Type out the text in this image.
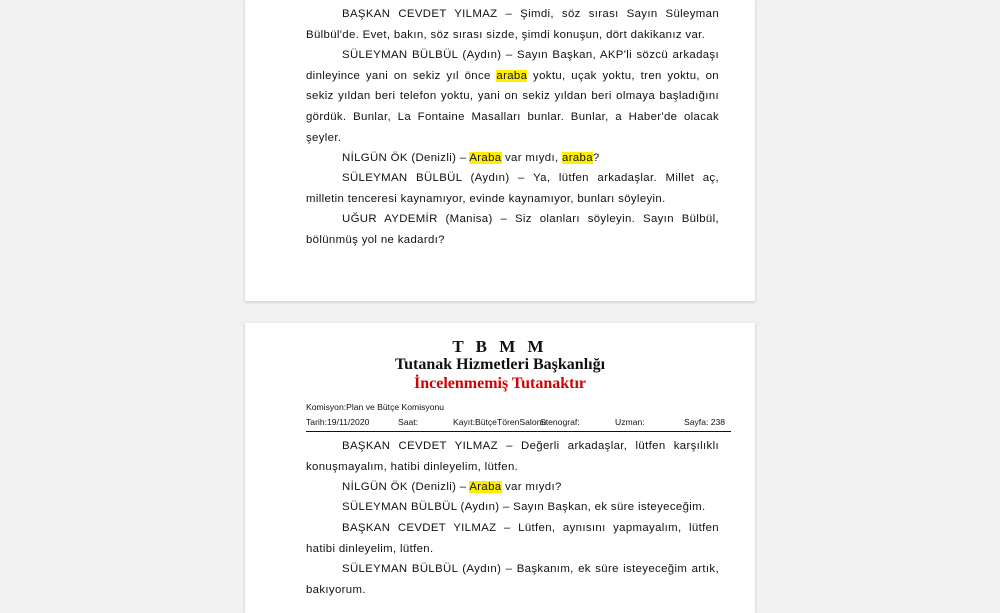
BAŞKAN CEVDET YILMAZ – Şimdi, söz sırası Sayın Süleyman Bülbül'de. Evet, bakın, söz sırası sizde, şimdi konuşun, dört dakikanız var.

SÜLEYMAN BÜLBÜL (Aydın) – Sayın Başkan, AKP'li sözcü arkadaşı dinleyince yani on sekiz yıl önce araba yoktu, uçak yoktu, tren yoktu, on sekiz yıldan beri telefon yoktu, yani on sekiz yıldan beri olmaya başladığını gördük. Bunlar, La Fontaine Masalları bunlar. Bunlar, a Haber'de olacak şeyler.

NİLGÜN ÖK (Denizli) – Araba var mıydı, araba?

SÜLEYMAN BÜLBÜL (Aydın) – Ya, lütfen arkadaşlar. Millet aç, milletin tenceresi kaynamıyor, evinde kaynamıyor, bunları söyleyin.

UĞUR AYDEMİR (Manisa) – Siz olanları söyleyin. Sayın Bülbül, bölünmüş yol ne kadardı?

T B M M

Tutanak Hizmetleri Başkanlığı

İncelenmemiş Tutanaktır

Komisyon:Plan ve Bütçe Komisyonu
Tarih:19/11/2020	Saat:	Kayıt:BütçeTörenSalonu
Stenograf:	Uzman:	Sayfa: 238

BAŞKAN CEVDET YILMAZ – Değerli arkadaşlar, lütfen karşılıklı konuşmayalım, hatibi dinleyelim, lütfen.

NİLGÜN ÖK (Denizli) – Araba var mıydı?

SÜLEYMAN BÜLBÜL (Aydın) – Sayın Başkan, ek süre isteyeceğim.

BAŞKAN CEVDET YILMAZ – Lütfen, aynısını yapmayalım, lütfen hatibi dinleyelim, lütfen.

SÜLEYMAN BÜLBÜL (Aydın) – Başkanım, ek süre isteyeceğim artık, bakıyorum.
